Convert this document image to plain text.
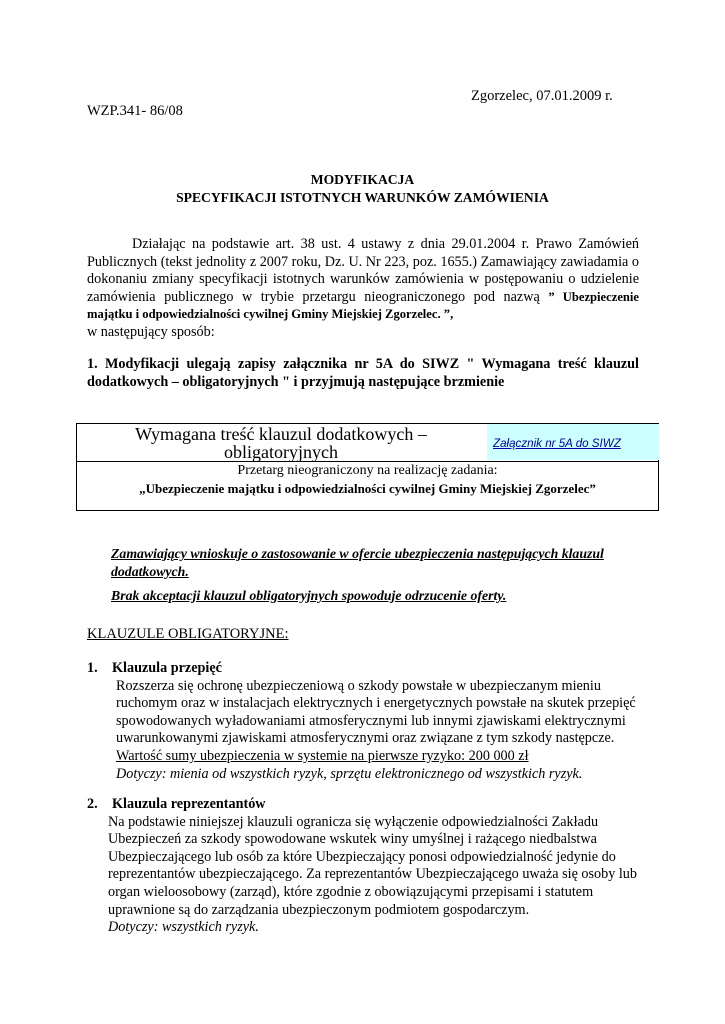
Zgorzelec, 07.01.2009 r.
WZP.341- 86/08
MODYFIKACJA
SPECYFIKACJI ISTOTNYCH WARUNKÓW ZAMÓWIENIA
Działając na podstawie art. 38 ust. 4 ustawy z dnia 29.01.2004 r. Prawo Zamówień Publicznych (tekst jednolity z 2007 roku, Dz. U. Nr 223, poz. 1655.) Zamawiający zawiadamia o dokonaniu zmiany specyfikacji istotnych warunków zamówienia w postępowaniu o udzielenie zamówienia publicznego w trybie przetargu nieograniczonego pod nazwą ” Ubezpieczenie majątku i odpowiedzialności cywilnej Gminy Miejskiej Zgorzelec. ”,
w następujący sposób:
1. Modyfikacji ulegają zapisy załącznika nr 5A do SIWZ " Wymagana treść klauzul dodatkowych – obligatoryjnych " i przyjmują następujące brzmienie
Wymagana treść klauzul dodatkowych –
obligatoryjnych	Załącznik nr 5A do SIWZ
Przetarg nieograniczony na realizację zadania:
„Ubezpieczenie majątku i odpowiedzialności cywilnej Gminy Miejskiej Zgorzelec”
Zamawiający wnioskuje o zastosowanie w ofercie ubezpieczenia następujących klauzul dodatkowych.
Brak akceptacji klauzul obligatoryjnych spowoduje odrzucenie oferty.
KLAUZULE OBLIGATORYJNE:
1. Klauzula przepięć
Rozszerza się ochronę ubezpieczeniową o szkody powstałe w ubezpieczanym mieniu ruchomym oraz w instalacjach elektrycznych i energetycznych powstałe na skutek przepięć spowodowanych wyładowaniami atmosferycznymi lub innymi zjawiskami elektrycznymi uwarunkowanymi zjawiskami atmosferycznymi oraz związane z tym szkody następcze.
Wartość sumy ubezpieczenia w systemie na pierwsze ryzyko: 200 000 zł
Dotyczy: mienia od wszystkich ryzyk, sprzętu elektronicznego od wszystkich ryzyk.
2. Klauzula reprezentantów
Na podstawie niniejszej klauzuli ogranicza się wyłączenie odpowiedzialności Zakładu Ubezpieczeń za szkody spowodowane wskutek winy umyślnej i rażącego niedbalstwa Ubezpieczającego lub osób za które Ubezpieczający ponosi odpowiedzialność jedynie do reprezentantów ubezpieczającego. Za reprezentantów Ubezpieczającego uważa się osoby lub organ wieloosobowy (zarząd), które zgodnie z obowiązującymi przepisami i statutem uprawnione są do zarządzania ubezpieczonym podmiotem gospodarczym.
Dotyczy: wszystkich ryzyk.
